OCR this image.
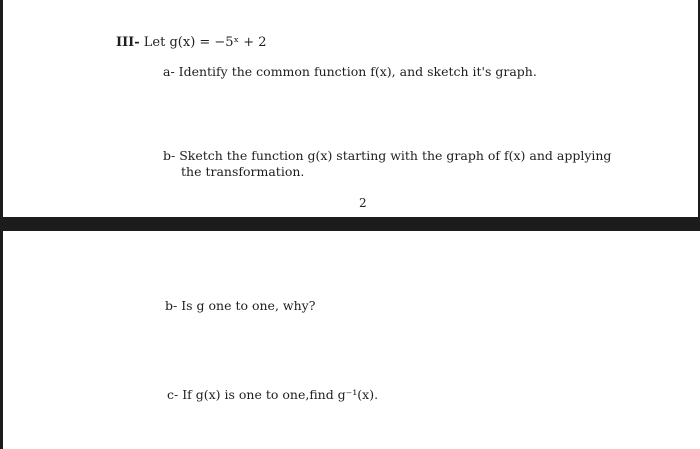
III- Let g(x) = −5ˣ + 2
a- Identify the common function f(x), and sketch it's graph.
b- Sketch the function g(x) starting with the graph of f(x) and applying
the transformation.
2
b- Is g one to one, why?
c- If g(x) is one to one,find g⁻¹(x).
